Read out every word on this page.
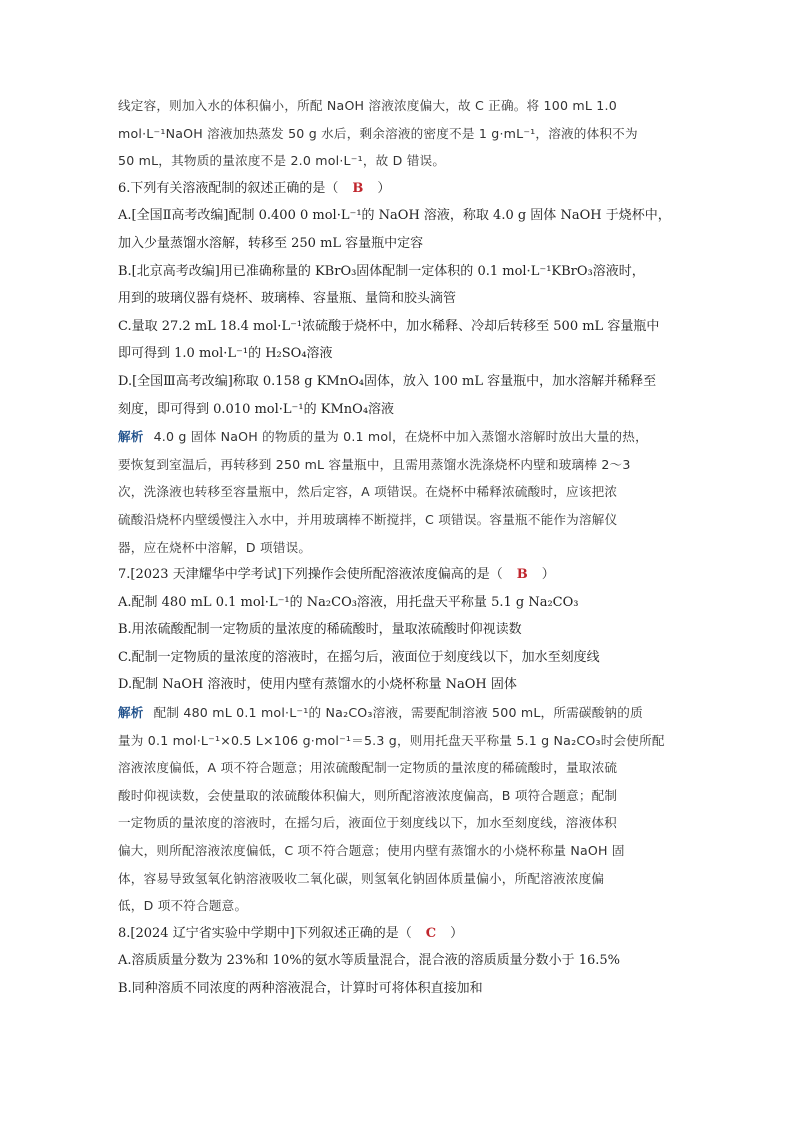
线定容，则加入水的体积偏小，所配 NaOH 溶液浓度偏大，故 C 正确。将 100 mL 1.0
mol·L⁻¹NaOH 溶液加热蒸发 50 g 水后，剩余溶液的密度不是 1 g·mL⁻¹，溶液的体积不为
50 mL，其物质的量浓度不是 2.0 mol·L⁻¹，故 D 错误。
6.下列有关溶液配制的叙述正确的是（ B ）
A.[全国Ⅱ高考改编]配制 0.400 0 mol·L⁻¹的 NaOH 溶液，称取 4.0 g 固体 NaOH 于烧杯中，
加入少量蒸馏水溶解，转移至 250 mL 容量瓶中定容
B.[北京高考改编]用已准确称量的 KBrO₃固体配制一定体积的 0.1 mol·L⁻¹KBrO₃溶液时，
用到的玻璃仪器有烧杯、玻璃棒、容量瓶、量筒和胶头滴管
C.量取 27.2 mL 18.4 mol·L⁻¹浓硫酸于烧杯中，加水稀释、冷却后转移至 500 mL 容量瓶中
即可得到 1.0 mol·L⁻¹的 H₂SO₄溶液
D.[全国Ⅲ高考改编]称取 0.158 g KMnO₄固体，放入 100 mL 容量瓶中，加水溶解并稀释至
刻度，即可得到 0.010 mol·L⁻¹的 KMnO₄溶液
解析 4.0 g 固体 NaOH 的物质的量为 0.1 mol，在烧杯中加入蒸馏水溶解时放出大量的热，
要恢复到室温后，再转移到 250 mL 容量瓶中，且需用蒸馏水洗涤烧杯内壁和玻璃棒 2～3
次，洗涤液也转移至容量瓶中，然后定容，A 项错误。在烧杯中稀释浓硫酸时，应该把浓
硫酸沿烧杯内壁缓慢注入水中，并用玻璃棒不断搅拌，C 项错误。容量瓶不能作为溶解仪
器，应在烧杯中溶解，D 项错误。
7.[2023 天津耀华中学考试]下列操作会使所配溶液浓度偏高的是（ B ）
A.配制 480 mL 0.1 mol·L⁻¹的 Na₂CO₃溶液，用托盘天平称量 5.1 g Na₂CO₃
B.用浓硫酸配制一定物质的量浓度的稀硫酸时，量取浓硫酸时仰视读数
C.配制一定物质的量浓度的溶液时，在摇匀后，液面位于刻度线以下，加水至刻度线
D.配制 NaOH 溶液时，使用内壁有蒸馏水的小烧杯称量 NaOH 固体
解析 配制 480 mL 0.1 mol·L⁻¹的 Na₂CO₃溶液，需要配制溶液 500 mL，所需碳酸钠的质
量为 0.1 mol·L⁻¹×0.5 L×106 g·mol⁻¹＝5.3 g，则用托盘天平称量 5.1 g Na₂CO₃时会使所配
溶液浓度偏低，A 项不符合题意；用浓硫酸配制一定物质的量浓度的稀硫酸时，量取浓硫
酸时仰视读数，会使量取的浓硫酸体积偏大，则所配溶液浓度偏高，B 项符合题意；配制
一定物质的量浓度的溶液时，在摇匀后，液面位于刻度线以下，加水至刻度线，溶液体积
偏大，则所配溶液浓度偏低，C 项不符合题意；使用内壁有蒸馏水的小烧杯称量 NaOH 固
体，容易导致氢氧化钠溶液吸收二氧化碳，则氢氧化钠固体质量偏小，所配溶液浓度偏
低，D 项不符合题意。
8.[2024 辽宁省实验中学期中]下列叙述正确的是（ C ）
A.溶质质量分数为 23%和 10%的氨水等质量混合，混合液的溶质质量分数小于 16.5%
B.同种溶质不同浓度的两种溶液混合，计算时可将体积直接加和
